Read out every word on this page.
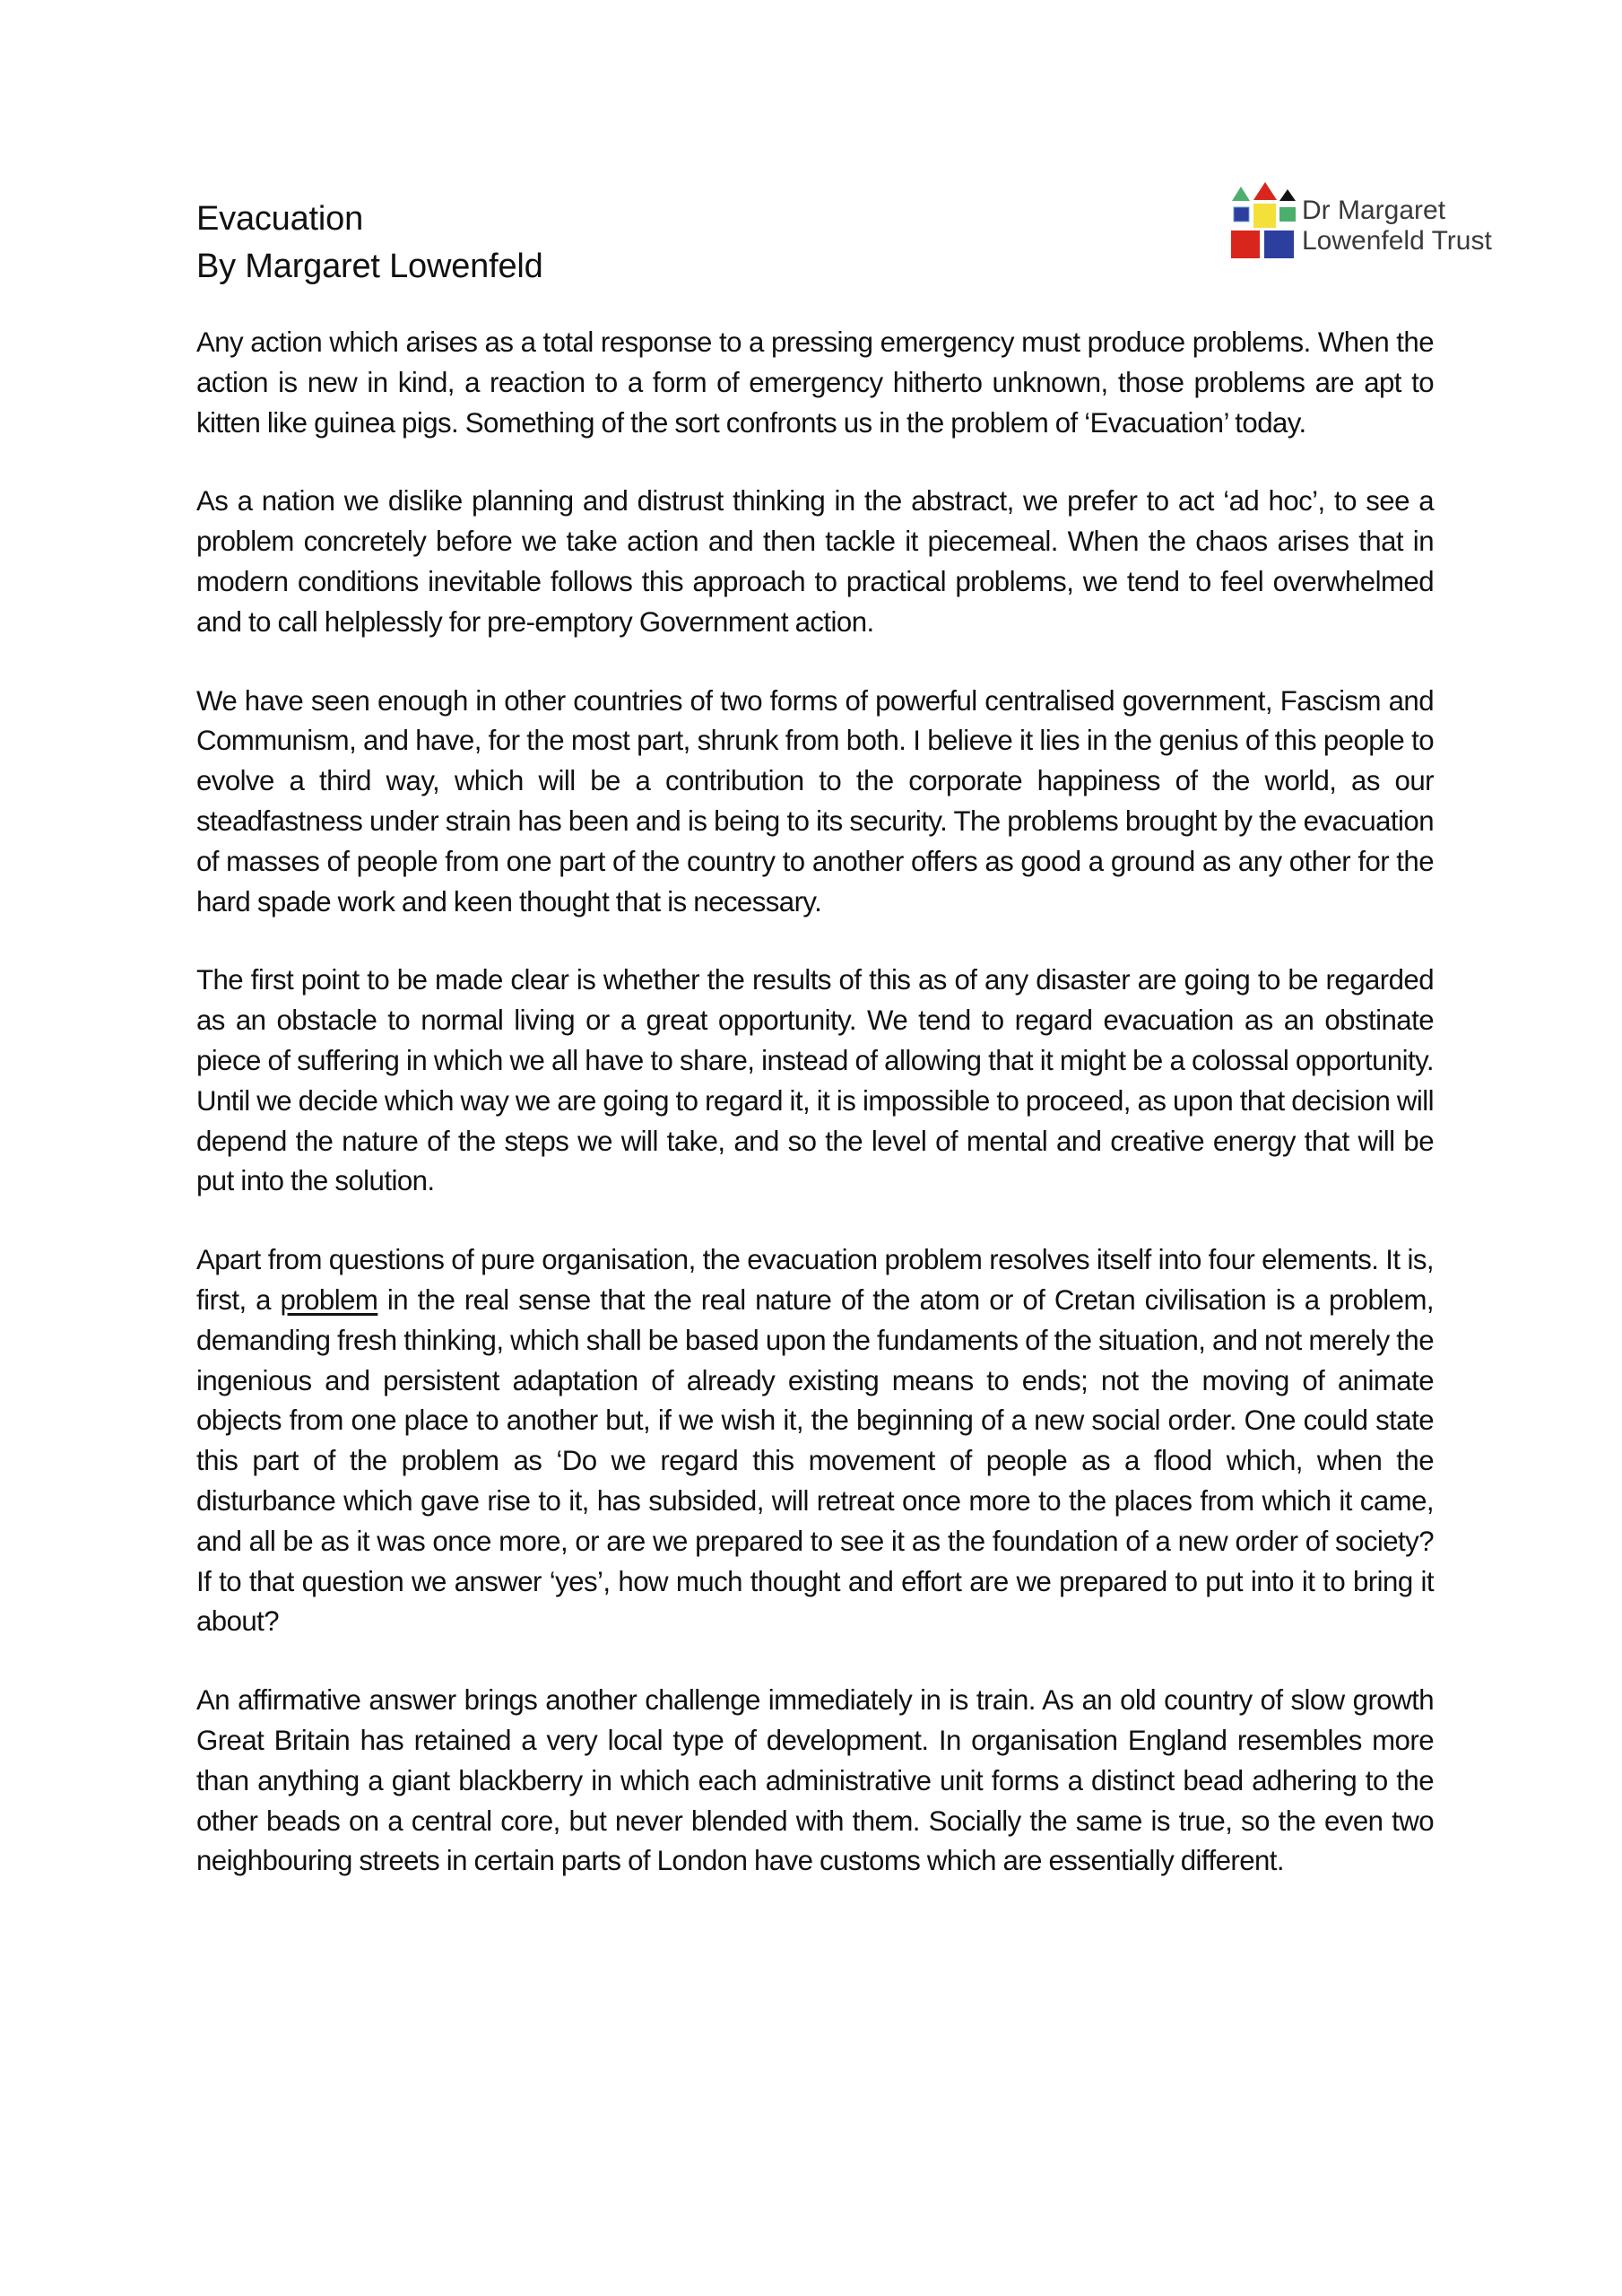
Evacuation
By Margaret Lowenfeld
Dr Margaret
Lowenfeld Trust

Any action which arises as a total response to a pressing emergency must produce problems. When the action is new in kind, a reaction to a form of emergency hitherto unknown, those problems are apt to kitten like guinea pigs. Something of the sort confronts us in the problem of ‘Evacuation’ today.

As a nation we dislike planning and distrust thinking in the abstract, we prefer to act ‘ad hoc’, to see a problem concretely before we take action and then tackle it piecemeal. When the chaos arises that in modern conditions inevitable follows this approach to practical problems, we tend to feel overwhelmed and to call helplessly for pre-emptory Government action.

We have seen enough in other countries of two forms of powerful centralised government, Fascism and Communism, and have, for the most part, shrunk from both. I believe it lies in the genius of this people to evolve a third way, which will be a contribution to the corporate happiness of the world, as our steadfastness under strain has been and is being to its security. The problems brought by the evacuation of masses of people from one part of the country to another offers as good a ground as any other for the hard spade work and keen thought that is necessary.

The first point to be made clear is whether the results of this as of any disaster are going to be regarded as an obstacle to normal living or a great opportunity. We tend to regard evacuation as an obstinate piece of suffering in which we all have to share, instead of allowing that it might be a colossal opportunity. Until we decide which way we are going to regard it, it is impossible to proceed, as upon that decision will depend the nature of the steps we will take, and so the level of mental and creative energy that will be put into the solution.

Apart from questions of pure organisation, the evacuation problem resolves itself into four elements. It is, first, a problem in the real sense that the real nature of the atom or of Cretan civilisation is a problem, demanding fresh thinking, which shall be based upon the fundaments of the situation, and not merely the ingenious and persistent adaptation of already existing means to ends; not the moving of animate objects from one place to another but, if we wish it, the beginning of a new social order. One could state this part of the problem as ‘Do we regard this movement of people as a flood which, when the disturbance which gave rise to it, has subsided, will retreat once more to the places from which it came, and all be as it was once more, or are we prepared to see it as the foundation of a new order of society? If to that question we answer ‘yes’, how much thought and effort are we prepared to put into it to bring it about?

An affirmative answer brings another challenge immediately in is train. As an old country of slow growth Great Britain has retained a very local type of development. In organisation England resembles more than anything a giant blackberry in which each administrative unit forms a distinct bead adhering to the other beads on a central core, but never blended with them. Socially the same is true, so the even two neighbouring streets in certain parts of London have customs which are essentially different.
